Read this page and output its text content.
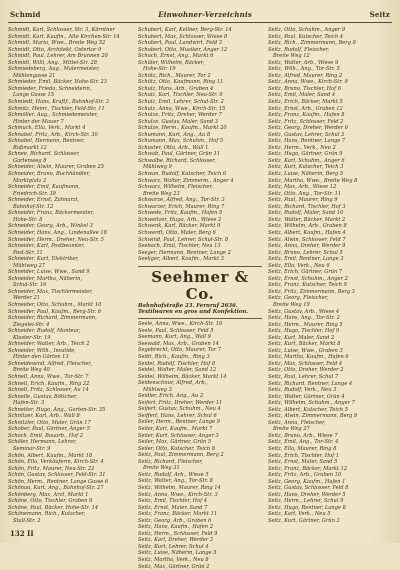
Schmid	Einwohner-Verzeichnis	Seitz
Schmidt, Karl, Schlosser, Str. 3, Kärntner
Schmidt, Karl, Kaufm., Alte Kirchen-Str. 14
Schmidt, Maria, Wwe., Breite Weg 52
Schmidt, Otto, Architekt, Ostertor 9
Schmidt, Paul, Lehrer, Am Brunnen 20
Schmidt, Willi, Ang., Mittel-Str. 28
Schmiedeberg, Aug., Malermeister,
Mühlengasse 21
Schmieder, Emil, Bäcker, Hohe-Str. 23
Schmieder, Frieda, Schneiderin,
Lange Gasse 15
Schmiedt, Hans, Kraftf., Bahnhof-Str. 3
Schmitz, Heinr., Tischler, Feld-Str. 11
Schmöller, Aug., Schmiedemeister,
Hinter der Mauer 7
Schmuck, Ella, Verk., Markt 4
Schnabel, Fritz, Arb., Kirch-Str. 30
Schnabel, Hermann, Rentner,
Roßmarkt 12
Schnee, Richard, Schlosser,
Gartenweg 8
Schneider, Alwin, Maurer, Graben 25
Schneider, Bruno, Buchhändler,
Marktplatz 2
Schneider, Emil, Kaufmann,
Friedrich-Str. 39
Schneider, Ernst, Zahnarzt,
Bahnhof-Str. 12
Schneider, Franz, Bäckermeister,
Hohe-Str. 8
Schneider, Georg, Arb., Winkel 3
Schneider, Hans, Ang., Lindenallee 18
Schneider, Herm., Dreher, Neu-Str. 5
Schneider, Karl, Postbeamter,
Post-Str. 11
Schneider, Kurt, Elektriker,
Mühlweg 27
Schneider, Luise, Wwe., Sand 9
Schneider, Martha, Näherin,
Schul-Str. 16
Schneider, Max, Tischlermeister,
Werder 21
Schneider, Otto, Schuhm., Markt 10
Schneider, Paul, Kaufm., Berg-Str. 6
Schneider, Richard, Zimmermann,
Ziegelei-Str. 4
Schneider, Rudolf, Monteur,
Kloster-Str. 19
Schneider, Walter, Arb., Teich 2
Schneider, Wilh., Invalide,
Hinter den Gärten 13
Schneidewind, Alfred, Fleischer,
Breite Weg 40
Schnell, Anna, Wwe., Tor-Str. 7
Schnell, Erich, Kaufm., Ring 22
Schnell, Fritz, Schlosser, Au 14
Schnelle, Gustav, Böttcher,
Hafen-Str. 3
Schnetter, Hugo, Ang., Garten-Str. 35
Schnitzer, Karl, Arb., Wall 8
Schnitzler, Otto, Maler, Grün 17
Schober, Paul, Gärtner, Anger 5
Schoch, Emil, Bauarb., Hof 2
Schöler, Hermann, Lehrer,
Seminar-Str. 9
Schön, Albert, Kaufm., Markt 18
Schön, Ella, Verkäuferin, Kirch-Str. 4
Schön, Fritz, Maurer, Neu-Str. 22
Schön, Gustav, Schlosser, Feld-Str. 31
Schön, Herm., Rentner, Lange Gasse 6
Schönau, Kurt, Ang., Bahnhof-Str. 27
Schönberg, Max, Arzt, Markt 1
Schöne, Otto, Tischler, Graben 9
Schöne, Paul, Bäcker, Hohe-Str. 14
Schönemann, Rich., Kutscher,
Stall-Str. 2
Schubert, Karl, Kellner, Berg-Str. 14
Schubert, Max, Schlosser, Wiese 8
Schubert, Paul, Landwirt, Feld 3
Schubert, Otto, Musiker, Anger 12
Schuch, Ernst, Ang., Markt 6
Schüler, Wilhelm, Bäcker,
Hohe-Str. 19
Schütz, Rich., Maurer, Tor 2
Schütz, Otto, Kaufmann, Ring 11
Schulz, Hans, Arb., Graben 4
Schulz, Karl, Tischler, Neu-Str. 9
Schulz, Emil, Lehrer, Schul-Str. 2
Schulz, Anna, Wwe., Kirch-Str. 15
Schulze, Fritz, Dreher, Werder 7
Schulze, Gustav, Maler, Sand 3
Schulze, Herm., Kaufm., Markt 20
Schumann, Kurt, Ang., Au 8
Schumann, Max, Schuhm., Hof 5
Schuster, Otto, Arb., Wall 1
Schwab, Paul, Gärtner, Grün 11
Schwalbe, Richard, Schlosser,
Mühlweg 9
Schwan, Rudolf, Kutscher, Teich 6
Schwarz, Walter, Zimmerm., Anger 4
Schwarz, Wilhelm, Fleischer,
Breite Weg 23
Schwarze, Alfred, Ang., Tor-Str. 3
Schwarzer, Erich, Maurer, Ring 7
Schwede, Fritz, Kaufm., Hafen 5
Schweitzer, Hugo, Arb., Wiese 2
Schwenk, Karl, Bäcker, Markt 9
Schwerdt, Otto, Maler, Berg 6
Schwind, Paul, Lehrer, Schul-Str. 8
Seebach, Emil, Tischler, Neu 13
Seeger, Hermann, Rentner, Lange 2
Seeliger, Albert, Kaufm., Markt 3
Seehmer & Co.
Bahnhofstraße 23. Fernruf 2636.
Textilwaren en gros und Konfektion.
Seele, Anna, Wwe., Kirch-Str. 16
Seele, Paul, Schlosser, Feld 5
Seemann, Kurt, Ang., Wall 9
Seewald, Max, Arb., Graben 14
Segebrecht, Otto, Maurer, Tor 7
Seibt, Rich., Kaufm., Ring 3
Seidel, Rudolf, Tischler, Hof 8
Seidel, Walter, Maler, Sand 12
Seidel, Wilhelm, Bäcker, Markt 14
Seidenschnur, Alfred, Arb.,
Mühlweg 3
Seidler, Erich, Ang., Au 2
Seifert, Fritz, Dreher, Werder 11
Seifert, Gustav, Schuhm., Neu 4
Seiffert, Hans, Lehrer, Schul 6
Seiler, Herm., Rentner, Lange 9
Seiler, Karl, Kaufm., Markt 7
Seiler, Kurt, Schlosser, Anger 3
Seiler, Max, Gärtner, Grün 5
Seiler, Otto, Kutscher, Teich 8
Seitz, Paul, Zimmermann, Berg 2
Seitz, Richard, Fleischer,
Breite Weg 31
Seitz, Rudolf, Arb., Wiese 5
Seitz, Walter, Ang., Tor-Str. 8
Seitz, Wilhelm, Maurer, Ring 14
Seitz, Anna, Wwe., Kirch-Str. 3
Seitz, Emil, Tischler, Hof 4
Seitz, Ernst, Maler, Sand 7
Seitz, Franz, Bäcker, Markt 11
Seitz, Georg, Arb., Graben 6
Seitz, Hans, Kaufm., Hafen 2
Seitz, Herm., Schlosser, Feld 9
Seitz, Karl, Dreher, Werder 3
Seitz, Kurt, Lehrer, Schul 4
Seitz, Luise, Näherin, Lange 5
Seitz, Martha, Verk., Neu 8
Seitz, Max, Gärtner, Grün 2
Seitz, Otto, Schuhm., Anger 9
Seitz, Paul, Kutscher, Teich 4
Seitz, Rich., Zimmermann, Berg 8
Seitz, Rudolf, Fleischer,
Breite Weg 12
Seitz, Walter, Arb., Wiese 9
Seitz, Wilh., Ang., Tor-Str. 5
Seitz, Alfred, Maurer, Ring 2
Seitz, Anna, Wwe., Kirch-Str. 9
Seitz, Bruno, Tischler, Hof 6
Seitz, Emil, Maler, Sand 4
Seitz, Erich, Bäcker, Markt 5
Seitz, Ernst, Arb., Graben 12
Seitz, Franz, Kaufm., Hafen 8
Seitz, Fritz, Schlosser, Feld 2
Seitz, Georg, Dreher, Werder 6
Seitz, Gustav, Lehrer, Schul 3
Seitz, Hans, Rentner, Lange 7
Seitz, Herm., Verk., Neu 2
Seitz, Hugo, Gärtner, Grün 9
Seitz, Karl, Schuhm., Anger 6
Seitz, Kurt, Kutscher, Teich 3
Seitz, Luise, Näherin, Berg 5
Seitz, Martha, Wwe., Breite Weg 8
Seitz, Max, Arb., Wiese 12
Seitz, Otto, Ang., Tor-Str. 11
Seitz, Paul, Maurer, Ring 9
Seitz, Richard, Tischler, Hof 3
Seitz, Rudolf, Maler, Sand 10
Seitz, Walter, Bäcker, Markt 2
Seitz, Wilhelm, Arb., Graben 8
Seitz, Albert, Kaufm., Hafen 4
Seitz, Alwin, Schlosser, Feld 7
Seitz, Anna, Dreher, Werder 9
Seitz, Bruno, Lehrer, Schul 5
Seitz, Emil, Rentner, Lange 3
Seitz, Ella, Verk., Neu 6
Seitz, Erich, Gärtner, Grün 7
Seitz, Ernst, Schuhm., Anger 2
Seitz, Franz, Kutscher, Teich 9
Seitz, Fritz, Zimmermann, Berg 3
Seitz, Georg, Fleischer,
Breite Weg 19
Seitz, Gustav, Arb., Wiese 4
Seitz, Hans, Ang., Tor-Str. 2
Seitz, Herm., Maurer, Ring 5
Seitz, Hugo, Tischler, Hof 9
Seitz, Karl, Maler, Sand 2
Seitz, Kurt, Bäcker, Markt 8
Seitz, Luise, Wwe., Graben 3
Seitz, Martha, Kaufm., Hafen 6
Seitz, Max, Schlosser, Feld 4
Seitz, Otto, Dreher, Werder 2
Seitz, Paul, Lehrer, Schul 7
Seitz, Richard, Rentner, Lange 4
Seitz, Rudolf, Verk., Neu 3
Seitz, Walter, Gärtner, Grün 4
Seitz, Wilhelm, Schuhm., Anger 7
Seitz, Albert, Kutscher, Teich 5
Seitz, Alwin, Zimmermann, Berg 9
Seitz, Anna, Fleischer,
Breite Weg 27
Seitz, Bruno, Arb., Wiese 7
Seitz, Emil, Ang., Tor-Str. 4
Seitz, Ella, Maurer, Ring 8
Seitz, Erich, Tischler, Hof 1
Seitz, Ernst, Maler, Sand 5
Seitz, Franz, Bäcker, Markt 12
Seitz, Fritz, Arb., Graben 10
Seitz, Georg, Kaufm., Hafen 1
Seitz, Gustav, Schlosser, Feld 8
Seitz, Hans, Dreher, Werder 5
Seitz, Herm., Lehrer, Schul 9
Seitz, Hugo, Rentner, Lange 8
Seitz, Karl, Verk., Neu 5
Seitz, Kurt, Gärtner, Grün 3
132 II
